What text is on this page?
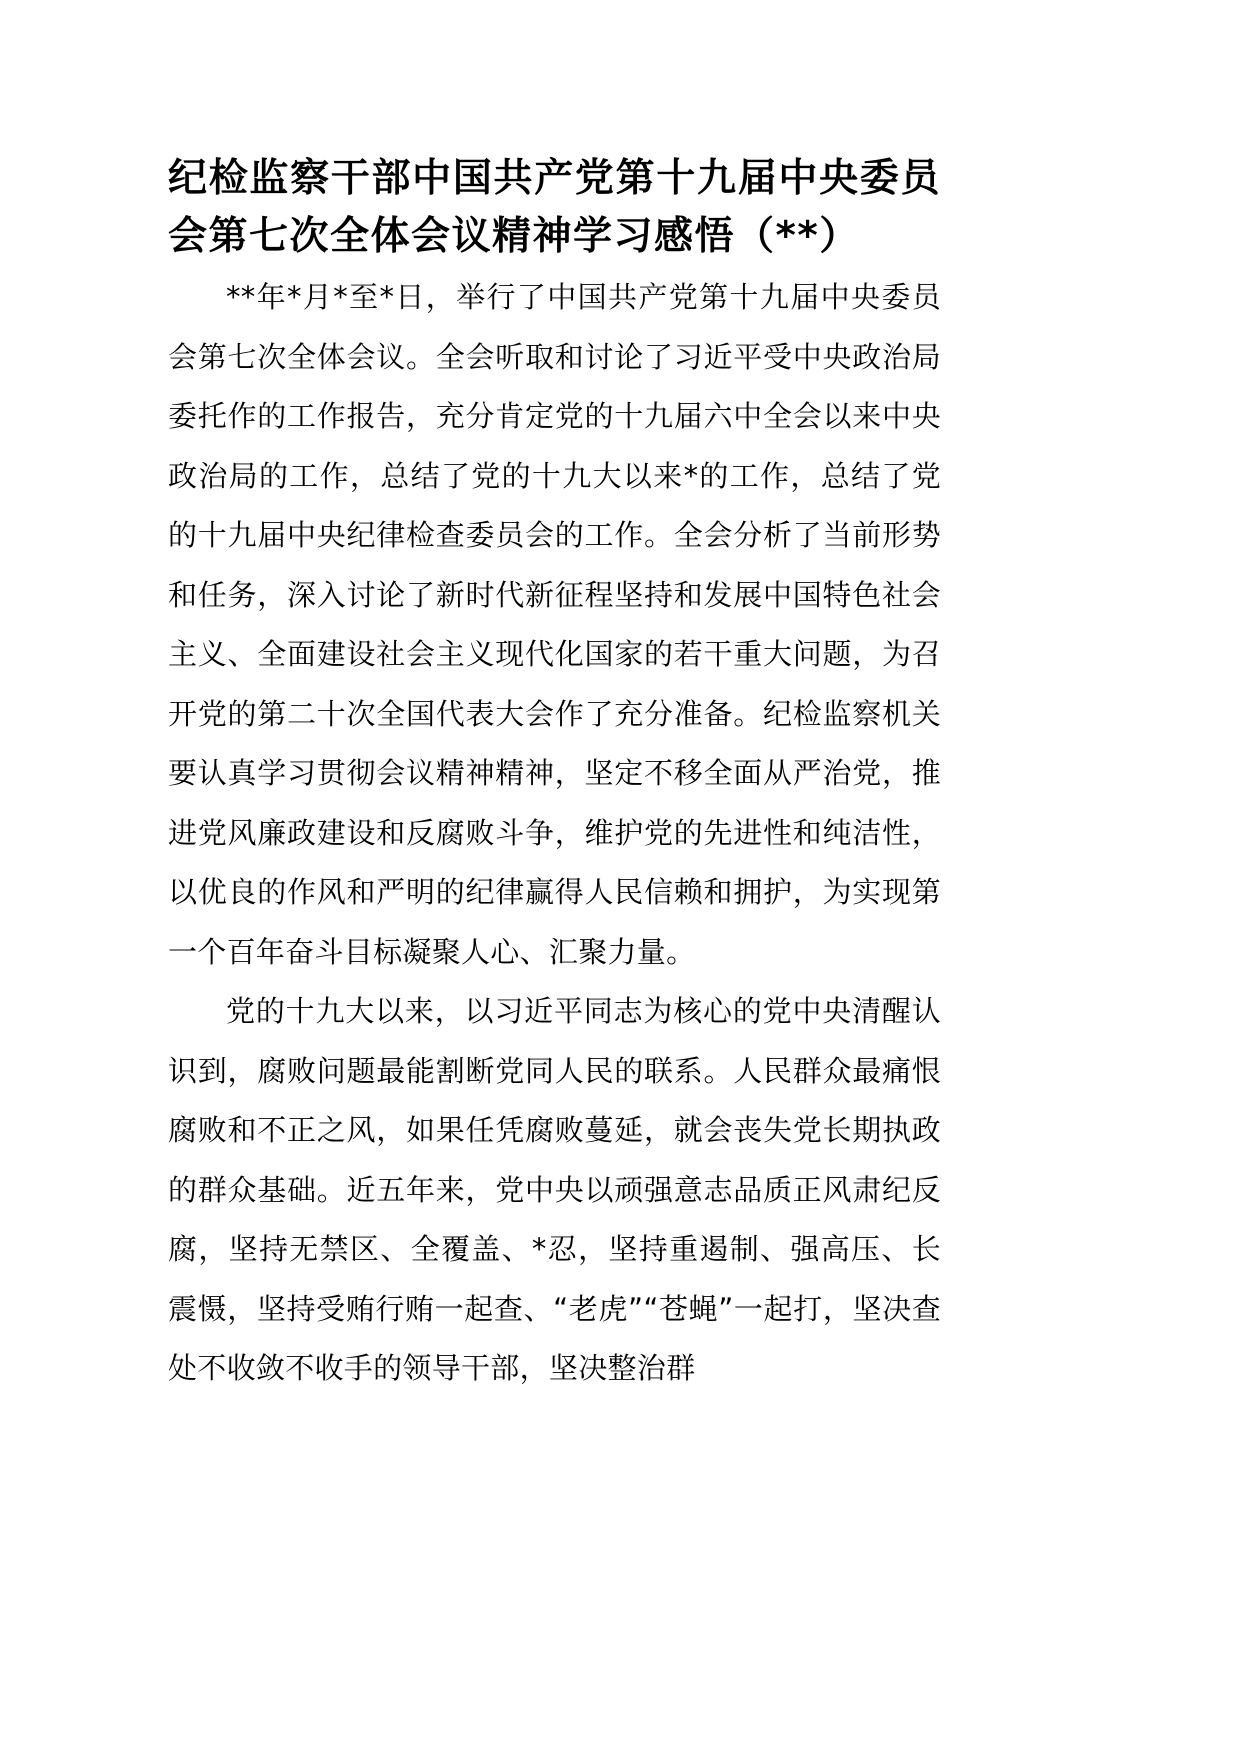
纪检监察干部中国共产党第十九届中央委员会第七次全体会议精神学习感悟（**）

**年*月*至*日，举行了中国共产党第十九届中央委员会第七次全体会议。全会听取和讨论了习近平受中央政治局委托作的工作报告，充分肯定党的十九届六中全会以来中央政治局的工作，总结了党的十九大以来*的工作，总结了党的十九届中央纪律检查委员会的工作。全会分析了当前形势和任务，深入讨论了新时代新征程坚持和发展中国特色社会主义、全面建设社会主义现代化国家的若干重大问题，为召开党的第二十次全国代表大会作了充分准备。纪检监察机关要认真学习贯彻会议精神精神，坚定不移全面从严治党，推进党风廉政建设和反腐败斗争，维护党的先进性和纯洁性，以优良的作风和严明的纪律赢得人民信赖和拥护，为实现第一个百年奋斗目标凝聚人心、汇聚力量。

党的十九大以来，以习近平同志为核心的党中央清醒认识到，腐败问题最能割断党同人民的联系。人民群众最痛恨腐败和不正之风，如果任凭腐败蔓延，就会丧失党长期执政的群众基础。近五年来，党中央以顽强意志品质正风肃纪反腐，坚持无禁区、全覆盖、*忍，坚持重遏制、强高压、长震慑，坚持受贿行贿一起查、“老虎”“苍蝇”一起打，坚决查处不收敛不收手的领导干部，坚决整治群
